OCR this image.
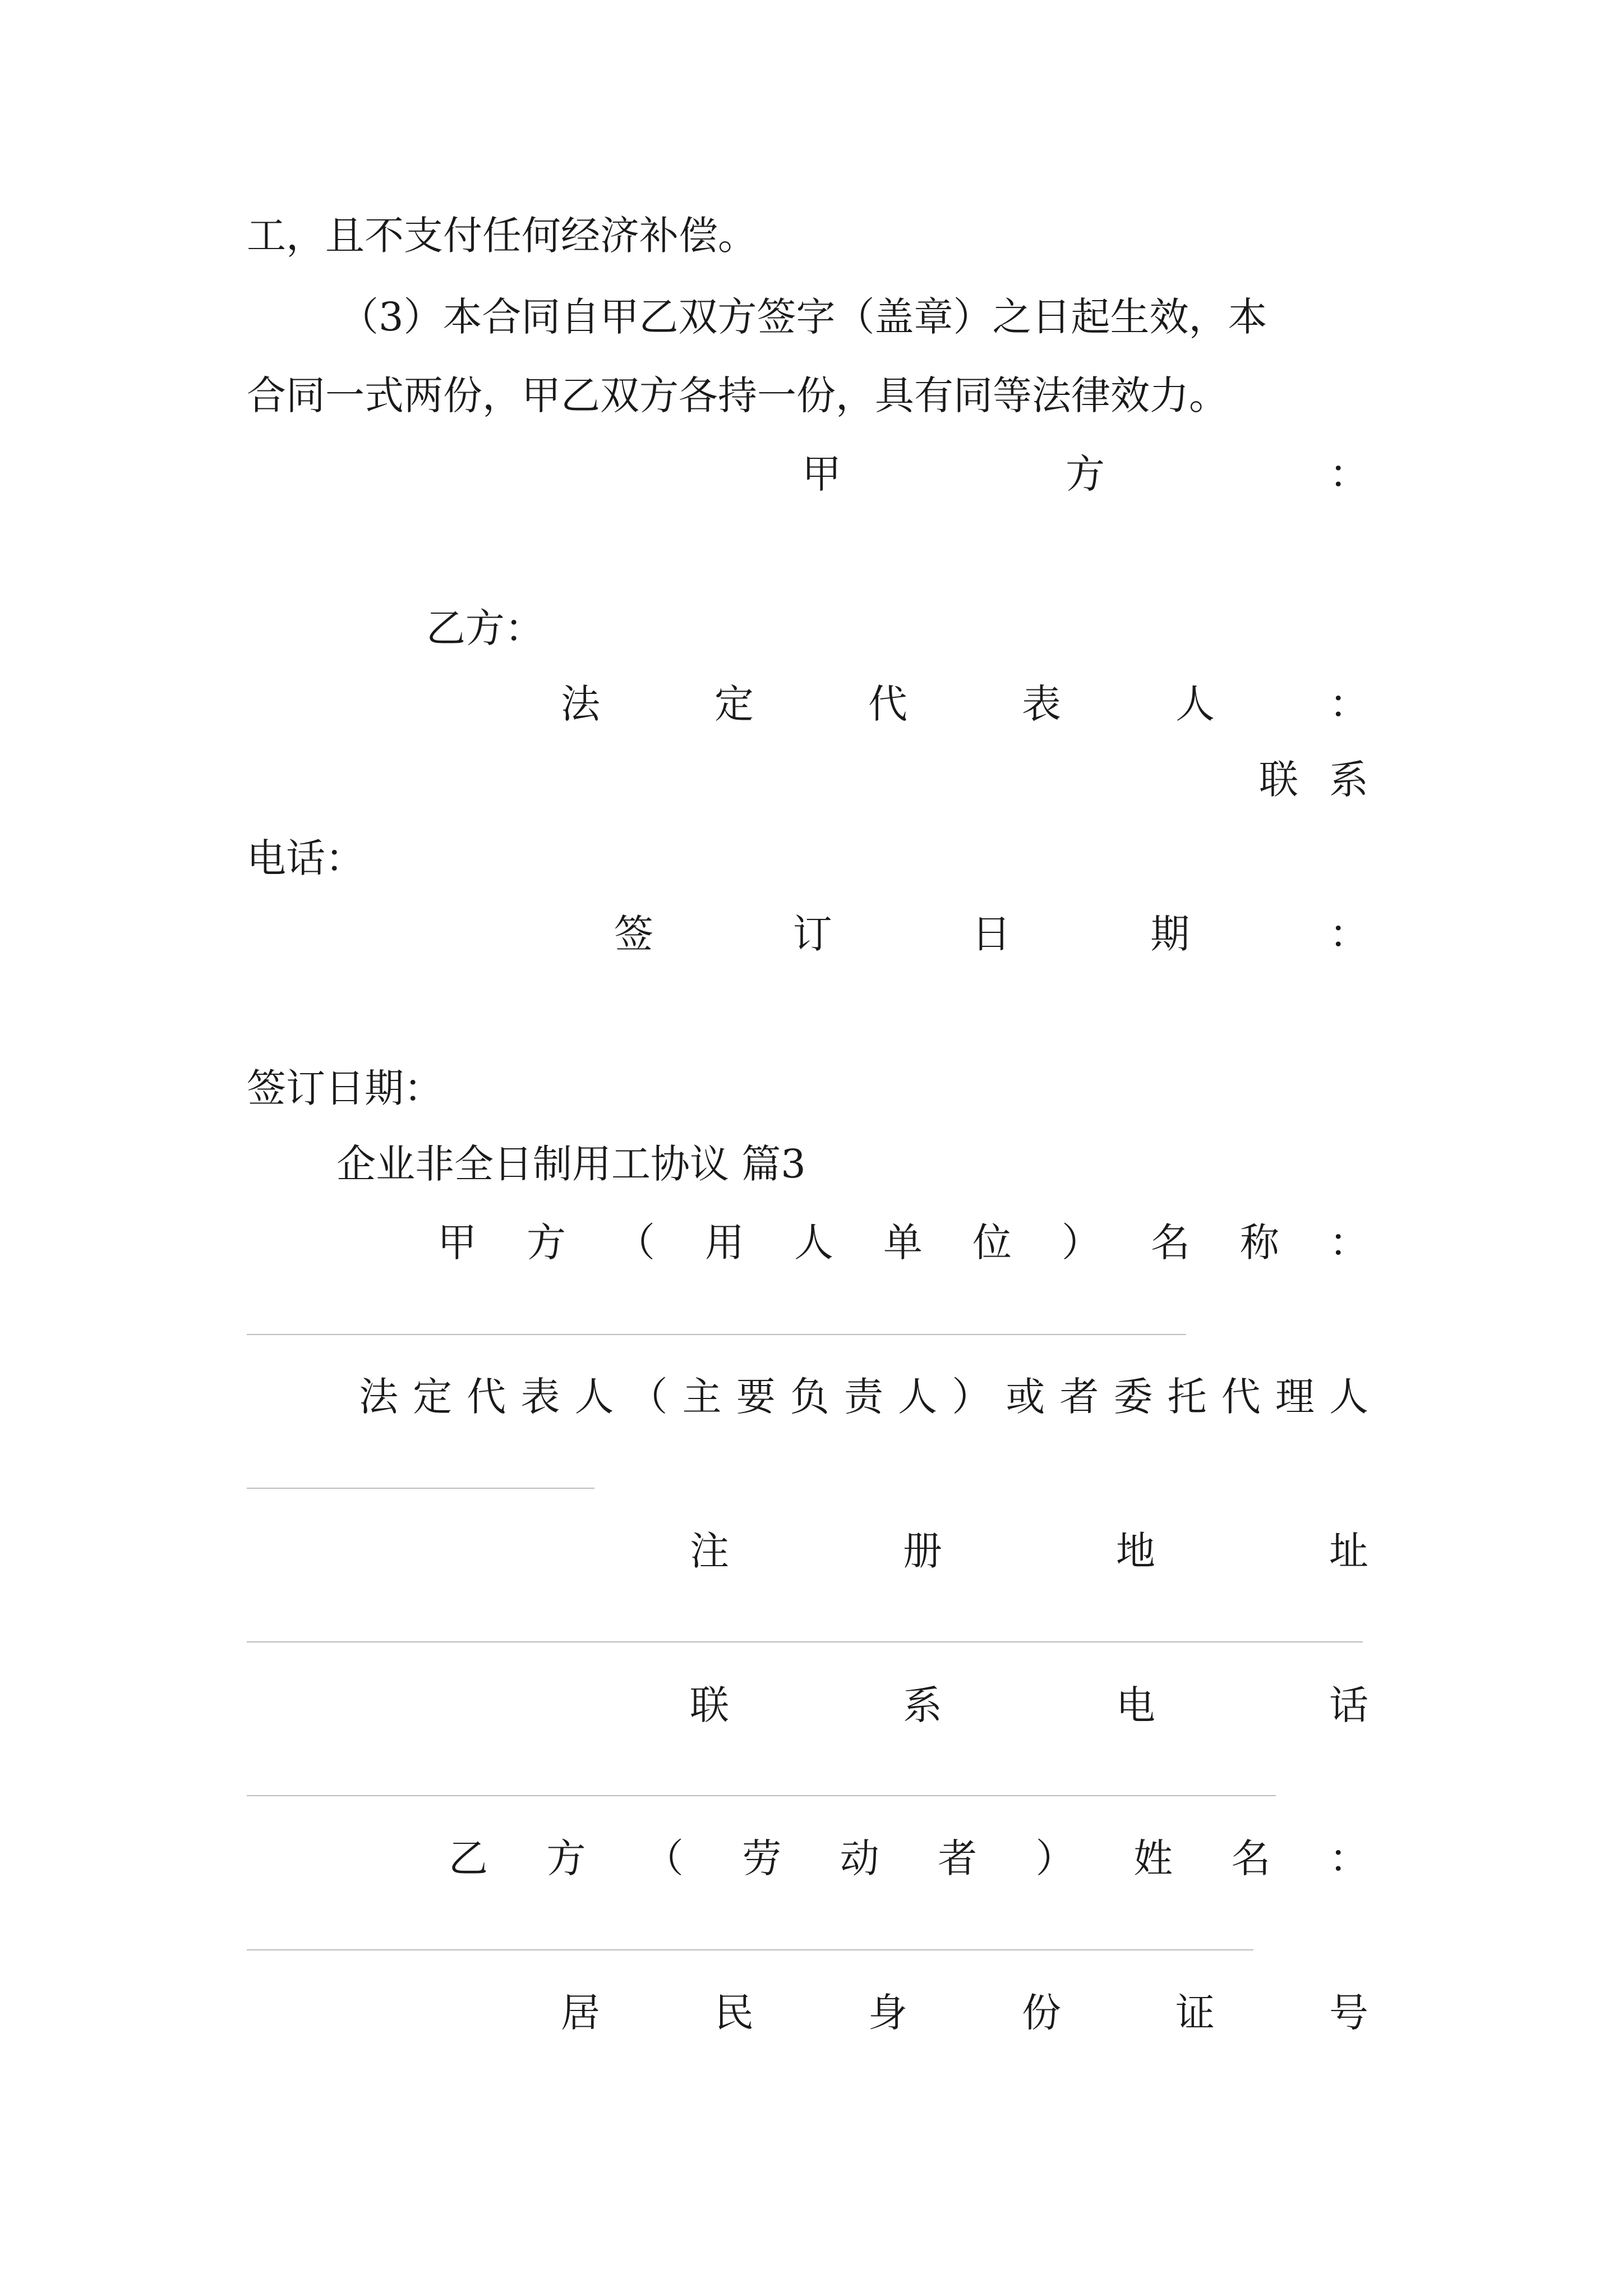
工，且不支付任何经济补偿。
（3）本合同自甲乙双方签字（盖章）之日起生效，本
合同一式两份，甲乙双方各持一份，具有同等法律效力。
甲	方	：
乙方：
法	定	代	表	人	：
联 系
电话：
签	订	日	期	：
签订日期：
企业非全日制用工协议 篇3
甲 方 （ 用 人 单 位 ） 名 称 ：
法 定 代 表 人 （ 主 要 负 责 人 ） 或 者 委 托 代 理 人
注	册	地	址
联	系	电	话
乙 方 （ 劳 动 者 ） 姓 名 ：
居	民	身	份	证	号
